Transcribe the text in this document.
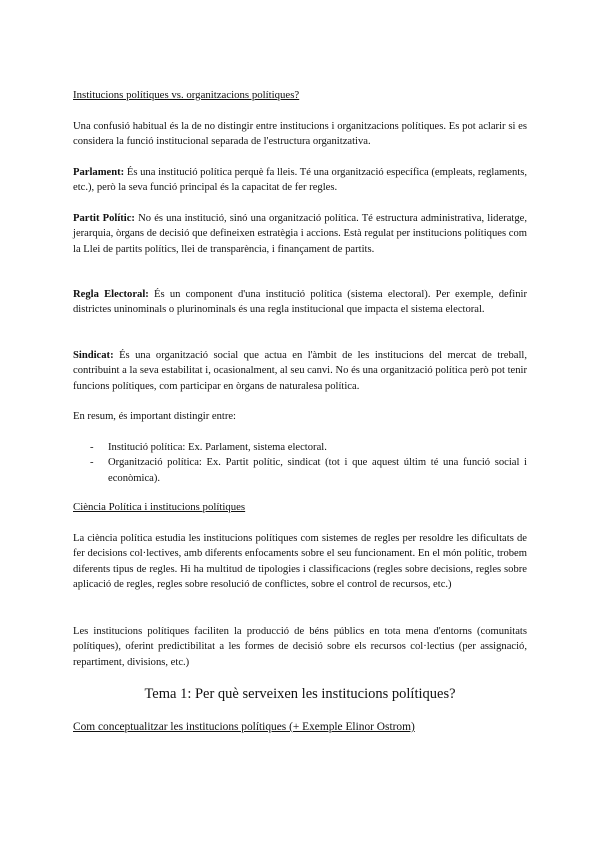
Institucions polítiques vs. organitzacions polítiques?
Una confusió habitual és la de no distingir entre institucions i organitzacions polítiques. Es pot aclarir si es considera la funció institucional separada de l'estructura organitzativa.
Parlament: És una institució política perquè fa lleis. Té una organització específica (empleats, reglaments, etc.), però la seva funció principal és la capacitat de fer regles.
Partit Polític: No és una institució, sinó una organització política. Té estructura administrativa, lideratge, jerarquia, òrgans de decisió que defineixen estratègia i accions. Està regulat per institucions polítiques com la Llei de partits polítics, llei de transparència, i finançament de partits.
Regla Electoral: És un component d'una institució política (sistema electoral). Per exemple, definir districtes uninominals o plurinominals és una regla institucional que impacta el sistema electoral.
Sindicat: És una organització social que actua en l'àmbit de les institucions del mercat de treball, contribuint a la seva estabilitat i, ocasionalment, al seu canvi. No és una organització política però pot tenir funcions polítiques, com participar en òrgans de naturalesa política.
En resum, és important distingir entre:
- Institució política: Ex. Parlament, sistema electoral.
- Organització política: Ex. Partit polític, sindicat (tot i que aquest últim té una funció social i econòmica).
Ciència Política i institucions polítiques
La ciència política estudia les institucions polítiques com sistemes de regles per resoldre les dificultats de fer decisions col·lectives, amb diferents enfocaments sobre el seu funcionament. En el món polític, trobem diferents tipus de regles. Hi ha multitud de tipologies i classificacions (regles sobre decisions, regles sobre aplicació de regles, regles sobre resolució de conflictes, sobre el control de recursos, etc.)
Les institucions polítiques faciliten la producció de béns públics en tota mena d'entorns (comunitats polítiques), oferint predictibilitat a les formes de decisió sobre els recursos col·lectius (per assignació, repartiment, divisions, etc.)
Tema 1: Per què serveixen les institucions polítiques?
Com conceptualitzar les institucions polítiques (+ Exemple Elinor Ostrom)
